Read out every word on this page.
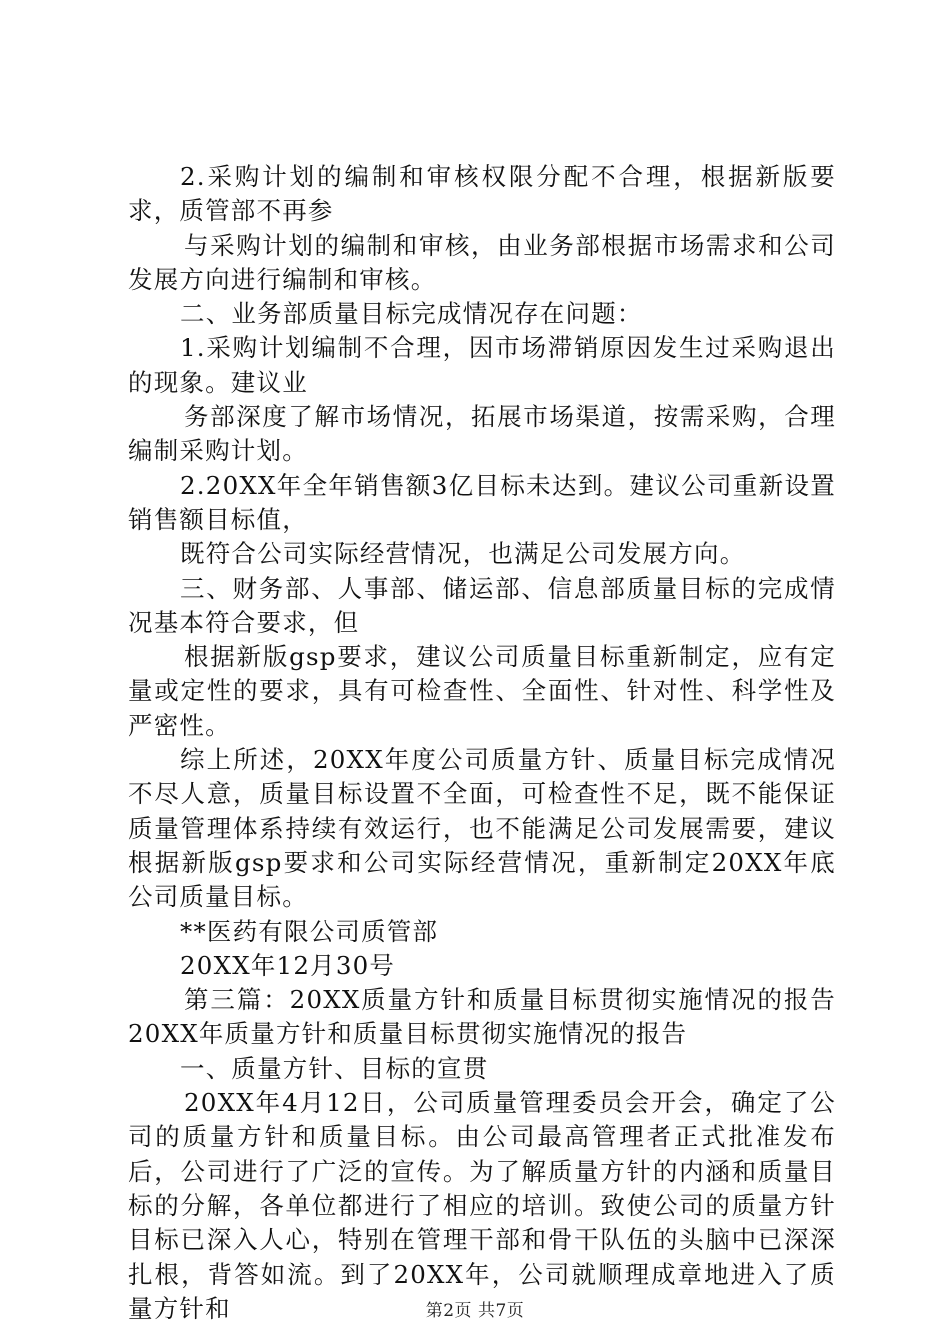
2.采购计划的编制和审核权限分配不合理，根据新版要求，质管部不再参

与采购计划的编制和审核，由业务部根据市场需求和公司发展方向进行编制和审核。

二、业务部质量目标完成情况存在问题：

1.采购计划编制不合理，因市场滞销原因发生过采购退出的现象。建议业

务部深度了解市场情况，拓展市场渠道，按需采购，合理编制采购计划。

2.20XX年全年销售额3亿目标未达到。建议公司重新设置销售额目标值，

既符合公司实际经营情况，也满足公司发展方向。

三、财务部、人事部、储运部、信息部质量目标的完成情况基本符合要求，但

根据新版gsp要求，建议公司质量目标重新制定，应有定量或定性的要求，具有可检查性、全面性、针对性、科学性及严密性。

综上所述，20XX年度公司质量方针、质量目标完成情况不尽人意，质量目标设置不全面，可检查性不足，既不能保证质量管理体系持续有效运行，也不能满足公司发展需要，建议根据新版gsp要求和公司实际经营情况，重新制定20XX年底公司质量目标。

**医药有限公司质管部

20XX年12月30号

第三篇：20XX质量方针和质量目标贯彻实施情况的报告20XX年质量方针和质量目标贯彻实施情况的报告

一、质量方针、目标的宣贯

20XX年4月12日，公司质量管理委员会开会，确定了公司的质量方针和质量目标。由公司最高管理者正式批准发布后，公司进行了广泛的宣传。为了解质量方针的内涵和质量目标的分解，各单位都进行了相应的培训。致使公司的质量方针目标已深入人心，特别在管理干部和骨干队伍的头脑中已深深扎根，背答如流。到了20XX年，公司就顺理成章地进入了质量方针和	第2页 共7页
